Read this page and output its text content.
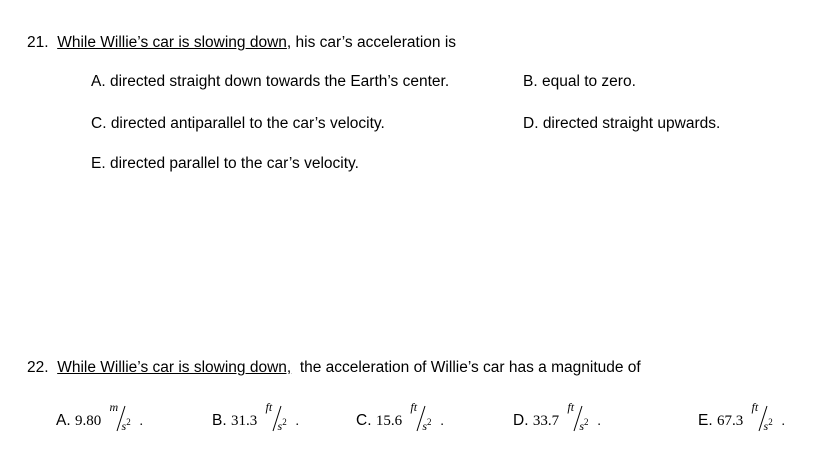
21. While Willie’s car is slowing down, his car’s acceleration is
A. directed straight down towards the Earth’s center.	B. equal to zero.
C. directed antiparallel to the car’s velocity.	D. directed straight upwards.
E. directed parallel to the car’s velocity.
22. While Willie’s car is slowing down, the acceleration of Willie’s car has a magnitude of
A. 9.80
m
$s^2$ .	B. 31.3
ft
$s^2$ .	C. 15.6
ft
$s^2$ .	D. 33.7
ft
$s^2$ .	E. 67.3
ft
$s^2$ .
